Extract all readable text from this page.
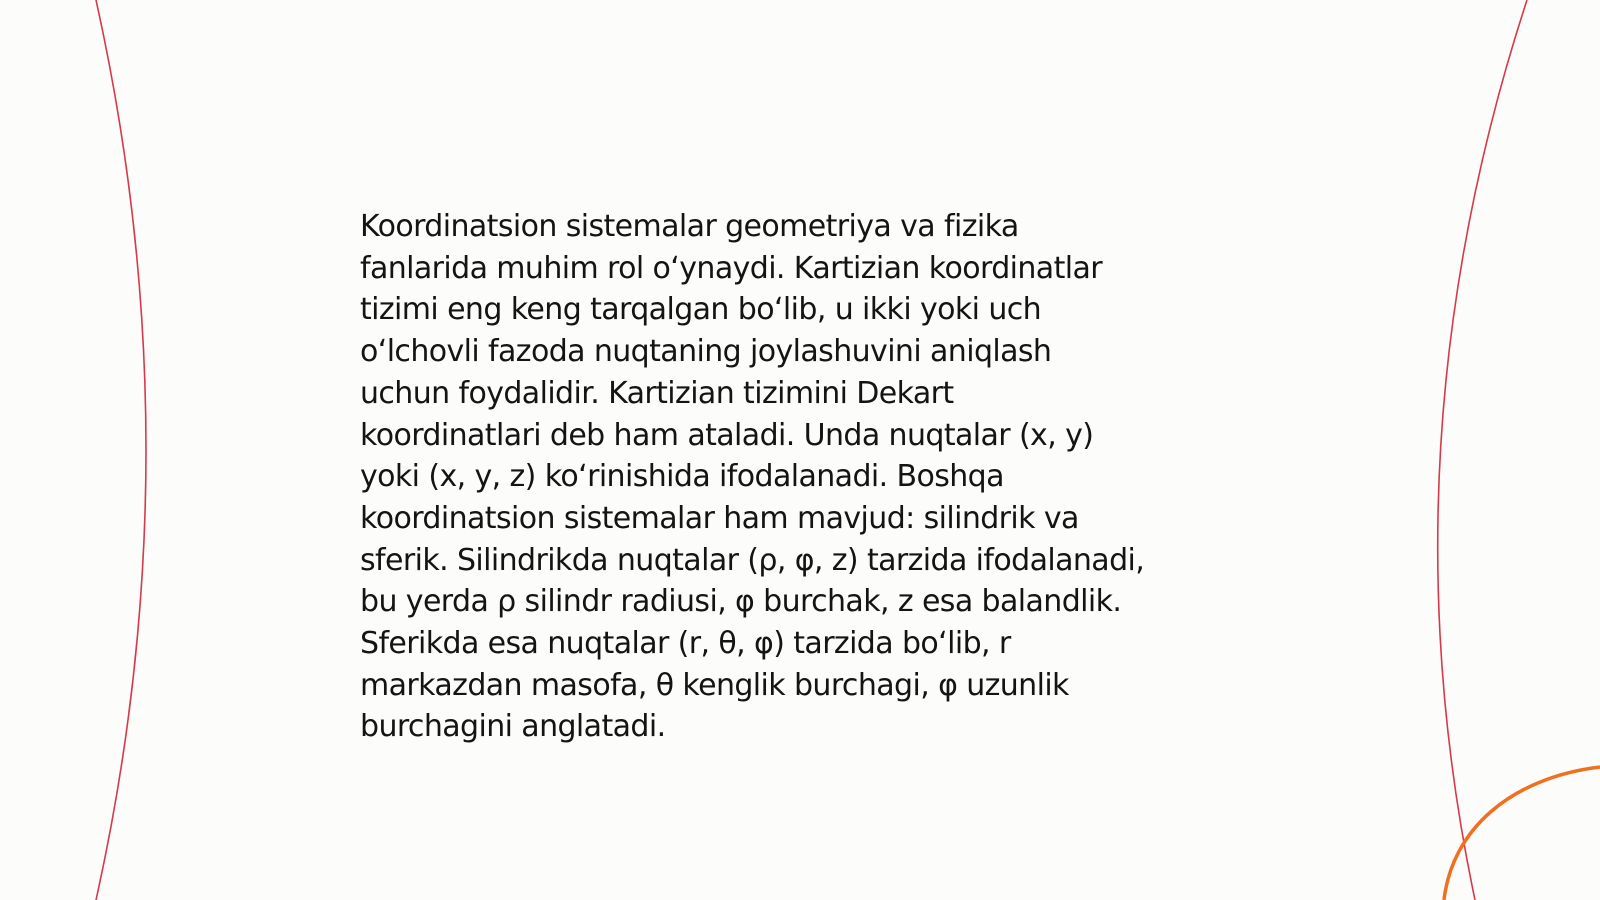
Koordinatsion sistemalar geometriya va fizika
fanlarida muhim rol o‘ynaydi. Kartizian koordinatlar
tizimi eng keng tarqalgan bo‘lib, u ikki yoki uch
o‘lchovli fazoda nuqtaning joylashuvini aniqlash
uchun foydalidir. Kartizian tizimini Dekart
koordinatlari deb ham ataladi. Unda nuqtalar (x, y)
yoki (x, y, z) ko‘rinishida ifodalanadi. Boshqa
koordinatsion sistemalar ham mavjud: silindrik va
sferik. Silindrikda nuqtalar (ρ, φ, z) tarzida ifodalanadi,
bu yerda ρ silindr radiusi, φ burchak, z esa balandlik.
Sferikda esa nuqtalar (r, θ, φ) tarzida bo‘lib, r
markazdan masofa, θ kenglik burchagi, φ uzunlik
burchagini anglatadi.
